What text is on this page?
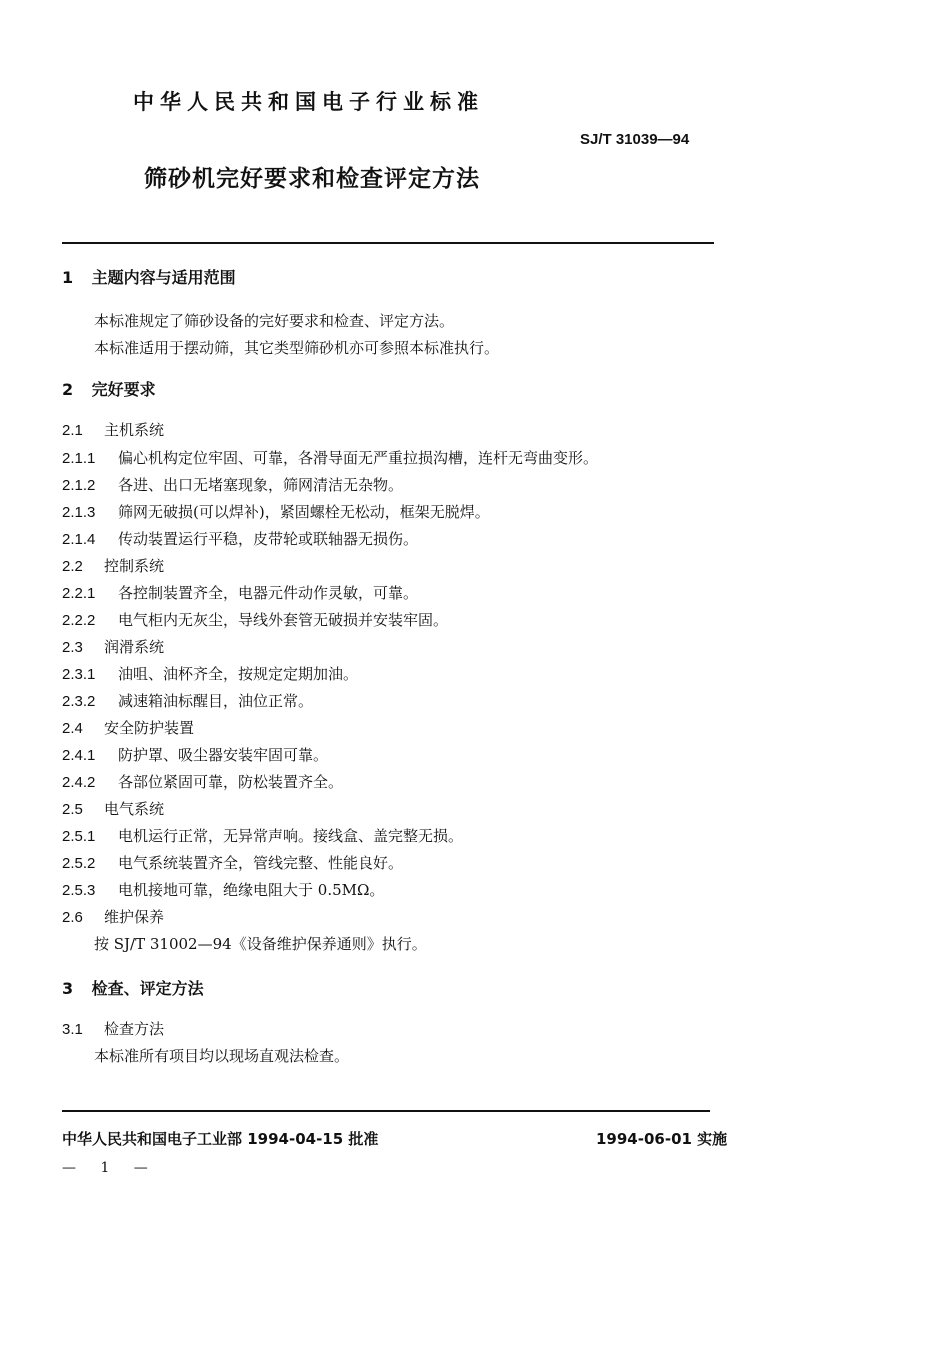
中华人民共和国电子行业标准
SJ/T 31039—94
筛砂机完好要求和检查评定方法
1 主题内容与适用范围
本标准规定了筛砂设备的完好要求和检查、评定方法。
本标准适用于摆动筛，其它类型筛砂机亦可参照本标准执行。
2 完好要求
2.1 主机系统
2.1.1 偏心机构定位牢固、可靠，各滑导面无严重拉损沟槽，连杆无弯曲变形。
2.1.2 各进、出口无堵塞现象，筛网清洁无杂物。
2.1.3 筛网无破损(可以焊补)，紧固螺栓无松动，框架无脱焊。
2.1.4 传动装置运行平稳，皮带轮或联轴器无损伤。
2.2 控制系统
2.2.1 各控制装置齐全，电器元件动作灵敏，可靠。
2.2.2 电气柜内无灰尘，导线外套管无破损并安装牢固。
2.3 润滑系统
2.3.1 油咀、油杯齐全，按规定定期加油。
2.3.2 减速箱油标醒目，油位正常。
2.4 安全防护装置
2.4.1 防护罩、吸尘器安装牢固可靠。
2.4.2 各部位紧固可靠，防松装置齐全。
2.5 电气系统
2.5.1 电机运行正常，无异常声响。接线盒、盖完整无损。
2.5.2 电气系统装置齐全，管线完整、性能良好。
2.5.3 电机接地可靠，绝缘电阻大于 0.5MΩ。
2.6 维护保养
按 SJ/T 31002—94《设备维护保养通则》执行。
3 检查、评定方法
3.1 检查方法
本标准所有项目均以现场直观法检查。
中华人民共和国电子工业部 1994-04-15 批准	1994-06-01 实施
— 1 —
